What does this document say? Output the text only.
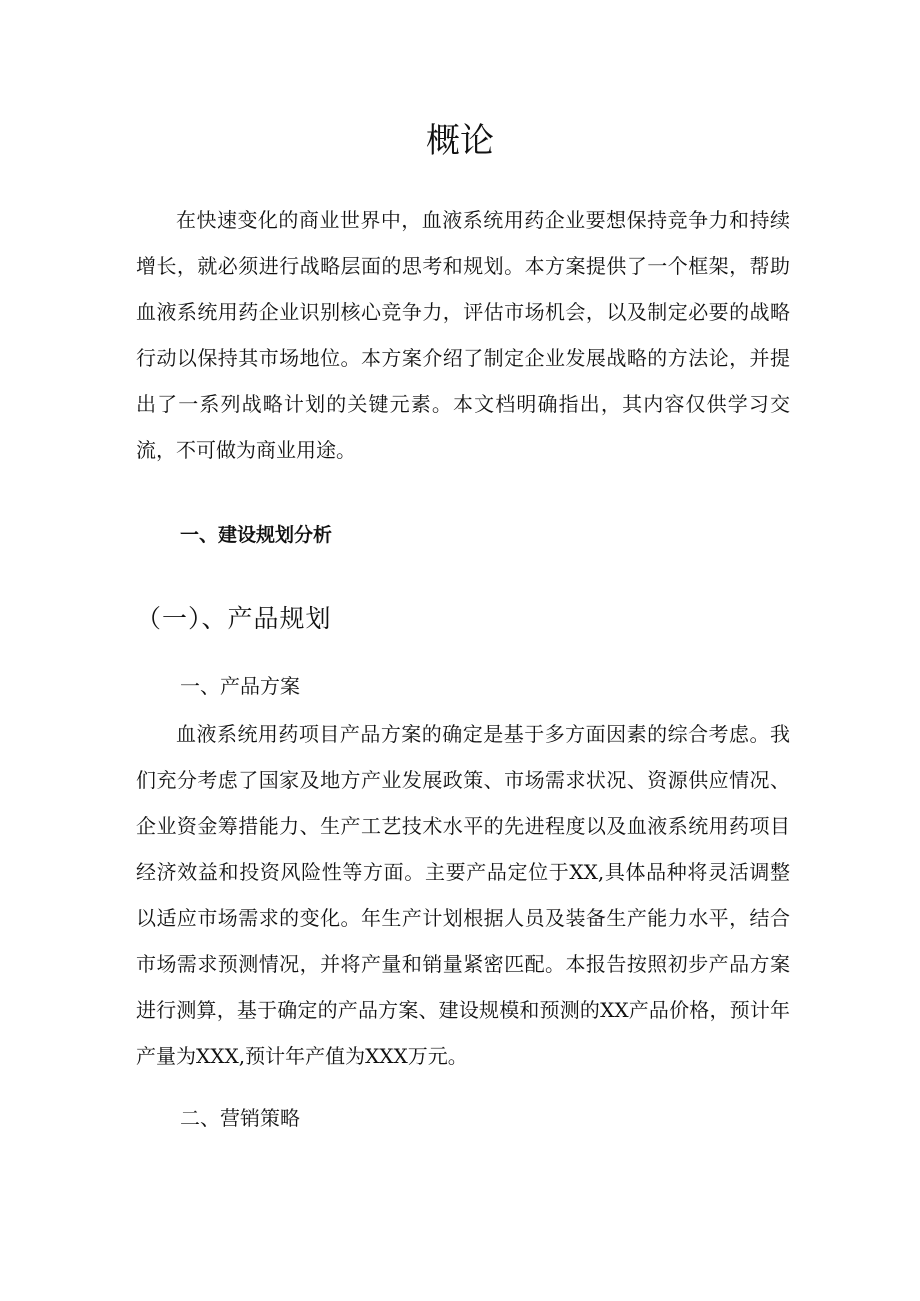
概论

在快速变化的商业世界中，血液系统用药企业要想保持竞争力和持续增长，就必须进行战略层面的思考和规划。本方案提供了一个框架，帮助血液系统用药企业识别核心竞争力，评估市场机会，以及制定必要的战略行动以保持其市场地位。本方案介绍了制定企业发展战略的方法论，并提出了一系列战略计划的关键元素。本文档明确指出，其内容仅供学习交流，不可做为商业用途。

一、建设规划分析
（一）、产品规划
一、产品方案

血液系统用药项目产品方案的确定是基于多方面因素的综合考虑。我们充分考虑了国家及地方产业发展政策、市场需求状况、资源供应情况、企业资金筹措能力、生产工艺技术水平的先进程度以及血液系统用药项目经济效益和投资风险性等方面。主要产品定位于XX,具体品种将灵活调整以适应市场需求的变化。年生产计划根据人员及装备生产能力水平，结合市场需求预测情况，并将产量和销量紧密匹配。本报告按照初步产品方案进行测算，基于确定的产品方案、建设规模和预测的XX产品价格，预计年产量为XXX,预计年产值为XXX万元。

二、营销策略
